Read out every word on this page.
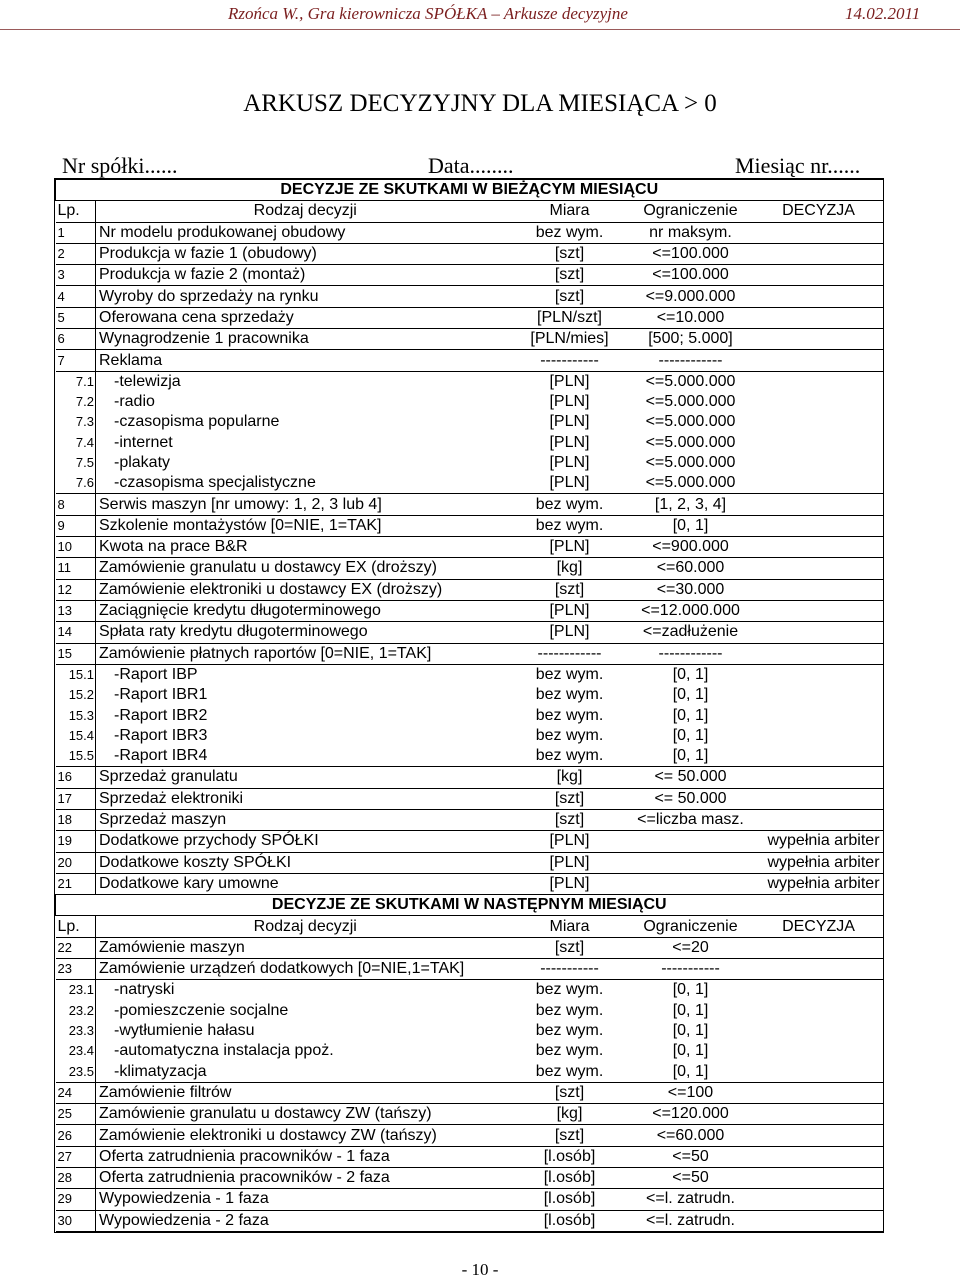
Rzońca W., Gra kierownicza SPÓŁKA – Arkusze decyzyjne	14.02.2011
ARKUSZ DECYZYJNY DLA MIESIĄCA > 0
Nr spółki......	Data........	Miesiąc nr......
DECYZJE ZE SKUTKAMI W BIEŻĄCYM MIESIĄCU				
Lp.	Rodzaj decyzji	Miara	Ograniczenie	DECYZJA
1	Nr modelu produkowanej obudowy	bez wym.	nr maksym.	
2	Produkcja w fazie 1 (obudowy)	[szt]	<=100.000	
3	Produkcja w fazie 2 (montaż)	[szt]	<=100.000	
4	Wyroby do sprzedaży na rynku	[szt]	<=9.000.000	
5	Oferowana cena sprzedaży	[PLN/szt]	<=10.000	
6	Wynagrodzenie 1 pracownika	[PLN/mies]	[500; 5.000]	
7	Reklama	-----------	------------	
7.1	-telewizja	[PLN]	<=5.000.000	
7.2	-radio	[PLN]	<=5.000.000	
7.3	-czasopisma popularne	[PLN]	<=5.000.000	
7.4	-internet	[PLN]	<=5.000.000	
7.5	-plakaty	[PLN]	<=5.000.000	
7.6	-czasopisma specjalistyczne	[PLN]	<=5.000.000	
8	Serwis maszyn [nr umowy: 1, 2, 3 lub 4]	bez wym.	[1, 2, 3, 4]	
9	Szkolenie montażystów [0=NIE, 1=TAK]	bez wym.	[0, 1]	
10	Kwota na prace B&R	[PLN]	<=900.000	
11	Zamówienie granulatu u dostawcy EX (droższy)	[kg]	<=60.000	
12	Zamówienie elektroniki u dostawcy EX (droższy)	[szt]	<=30.000	
13	Zaciągnięcie kredytu długoterminowego	[PLN]	<=12.000.000	
14	Spłata raty kredytu długoterminowego	[PLN]	<=zadłużenie	
15	Zamówienie płatnych raportów [0=NIE, 1=TAK]	------------	------------	
15.1	-Raport IBP	bez wym.	[0, 1]	
15.2	-Raport IBR1	bez wym.	[0, 1]	
15.3	-Raport IBR2	bez wym.	[0, 1]	
15.4	-Raport IBR3	bez wym.	[0, 1]	
15.5	-Raport IBR4	bez wym.	[0, 1]	
16	Sprzedaż granulatu	[kg]	<= 50.000	
17	Sprzedaż elektroniki	[szt]	<= 50.000	
18	Sprzedaż maszyn	[szt]	<=liczba masz.	
19	Dodatkowe przychody SPÓŁKI	[PLN]		wypełnia arbiter
20	Dodatkowe koszty SPÓŁKI	[PLN]		wypełnia arbiter
21	Dodatkowe kary umowne	[PLN]		wypełnia arbiter
DECYZJE ZE SKUTKAMI W NASTĘPNYM MIESIĄCU				
Lp.	Rodzaj decyzji	Miara	Ograniczenie	DECYZJA
22	Zamówienie maszyn	[szt]	<=20	
23	Zamówienie urządzeń dodatkowych [0=NIE,1=TAK]	-----------	-----------	
23.1	-natryski	bez wym.	[0, 1]	
23.2	-pomieszczenie socjalne	bez wym.	[0, 1]	
23.3	-wytłumienie hałasu	bez wym.	[0, 1]	
23.4	-automatyczna instalacja ppoż.	bez wym.	[0, 1]	
23.5	-klimatyzacja	bez wym.	[0, 1]	
24	Zamówienie filtrów	[szt]	<=100	
25	Zamówienie granulatu u dostawcy ZW (tańszy)	[kg]	<=120.000	
26	Zamówienie elektroniki u dostawcy ZW (tańszy)	[szt]	<=60.000	
27	Oferta zatrudnienia pracowników - 1 faza	[l.osób]	<=50	
28	Oferta zatrudnienia pracowników - 2 faza	[l.osób]	<=50	
29	Wypowiedzenia - 1 faza	[l.osób]	<=l. zatrudn.	
30	Wypowiedzenia - 2 faza	[l.osób]	<=l. zatrudn.	
- 10 -
